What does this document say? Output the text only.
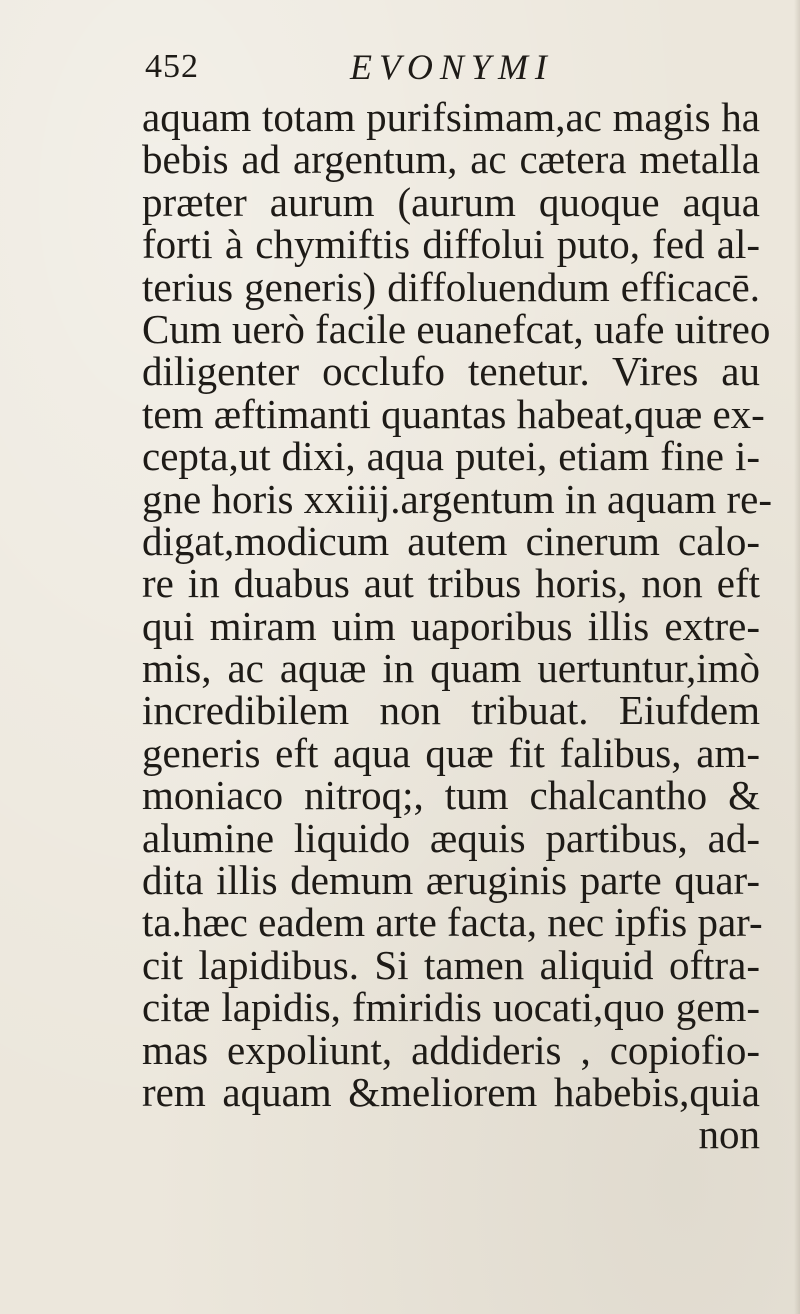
452	EVONYMI
aquam totam purifsimam,ac magis ha
bebis ad argentum, ac cætera metalla
præter aurum (aurum quoque aqua
forti à chymiftis diffolui puto, fed al-
terius generis) diffoluendum efficacē.
Cum uerò facile euanefcat, uafe uitreo
diligenter occlufo tenetur. Vires au
tem æftimanti quantas habeat,quæ ex-
cepta,ut dixi, aqua putei, etiam fine i-
gne horis xxiiij.argentum in aquam re-
digat,modicum autem cinerum calo-
re in duabus aut tribus horis, non eft
qui miram uim uaporibus illis extre-
mis, ac aquæ in quam uertuntur,imò
incredibilem non tribuat. Eiufdem
generis eft aqua quæ fit falibus, am-
moniaco nitroq;, tum chalcantho &
alumine liquido æquis partibus, ad-
dita illis demum æruginis parte quar-
ta.hæc eadem arte facta, nec ipfis par-
cit lapidibus. Si tamen aliquid oftra-
citæ lapidis, fmiridis uocati,quo gem-
mas expoliunt, addideris , copiofio-
rem aquam &meliorem habebis,quia
non
